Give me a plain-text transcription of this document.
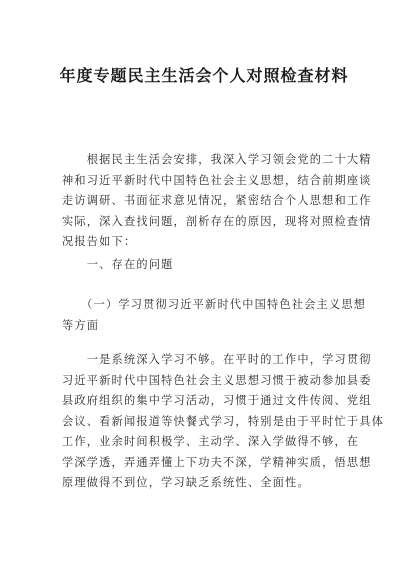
年度专题民主生活会个人对照检查材料
　　根据民主生活会安排，我深入学习领会党的二十大精
神和习近平新时代中国特色社会主义思想，结合前期座谈
走访调研、书面征求意见情况，紧密结合个人思想和工作
实际，深入查找问题，剖析存在的原因，现将对照检查情
况报告如下：
　　一、存在的问题
　　（一）学习贯彻习近平新时代中国特色社会主义思想
等方面
　　一是系统深入学习不够。在平时的工作中，学习贯彻
习近平新时代中国特色社会主义思想习惯于被动参加县委
县政府组织的集中学习活动，习惯于通过文件传阅、党组
会议、看新闻报道等快餐式学习，特别是由于平时忙于具体
工作，业余时间积极学、主动学、深入学做得不够，在
学深学透，弄通弄懂上下功夫不深，学精神实质，悟思想
原理做得不到位，学习缺乏系统性、全面性。
